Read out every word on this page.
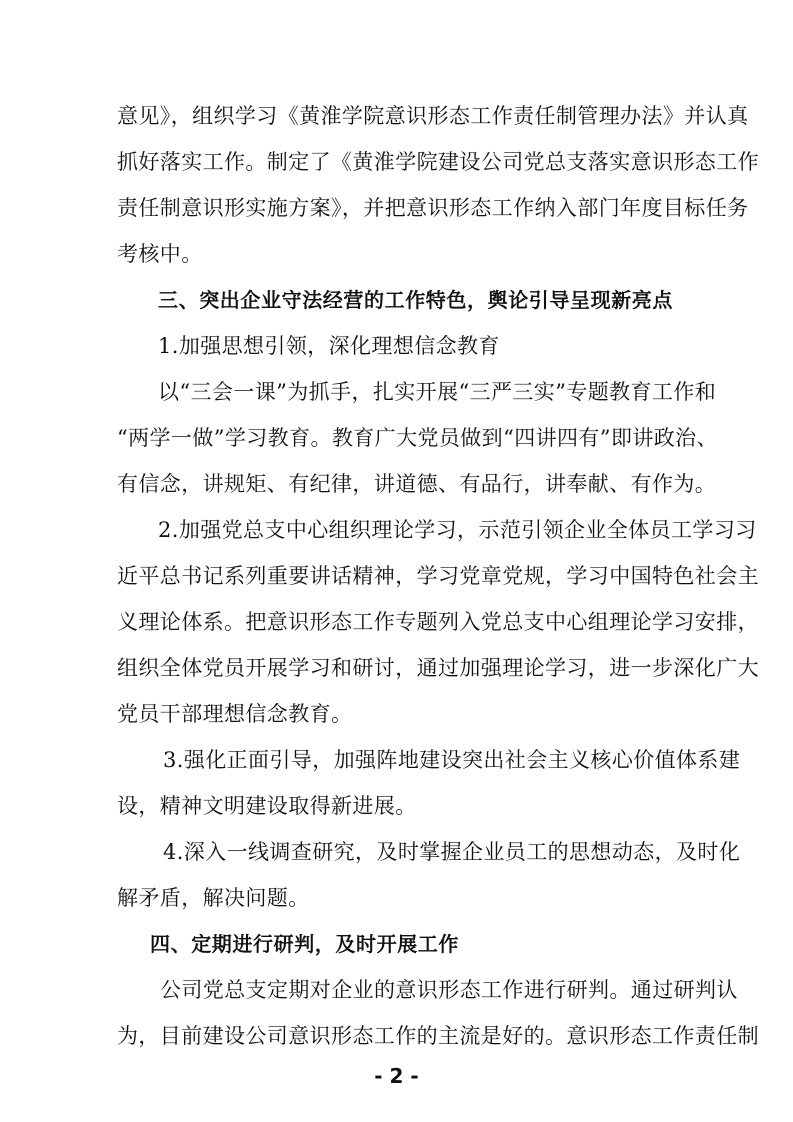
意见》，组织学习《黄淮学院意识形态工作责任制管理办法》并认真
抓好落实工作。制定了《黄淮学院建设公司党总支落实意识形态工作
责任制意识形实施方案》，并把意识形态工作纳入部门年度目标任务
考核中。
三、突出企业守法经营的工作特色，舆论引导呈现新亮点
1.加强思想引领，深化理想信念教育
以“三会一课”为抓手，扎实开展“三严三实”专题教育工作和
“两学一做”学习教育。教育广大党员做到“四讲四有”即讲政治、
有信念，讲规矩、有纪律，讲道德、有品行，讲奉献、有作为。
2.加强党总支中心组织理论学习，示范引领企业全体员工学习习
近平总书记系列重要讲话精神，学习党章党规，学习中国特色社会主
义理论体系。把意识形态工作专题列入党总支中心组理论学习安排，
组织全体党员开展学习和研讨，通过加强理论学习，进一步深化广大
党员干部理想信念教育。
3.强化正面引导，加强阵地建设突出社会主义核心价值体系建
设，精神文明建设取得新进展。
4.深入一线调查研究，及时掌握企业员工的思想动态，及时化
解矛盾，解决问题。
四、定期进行研判，及时开展工作
公司党总支定期对企业的意识形态工作进行研判。通过研判认
为，目前建设公司意识形态工作的主流是好的。意识形态工作责任制
- 2 -
